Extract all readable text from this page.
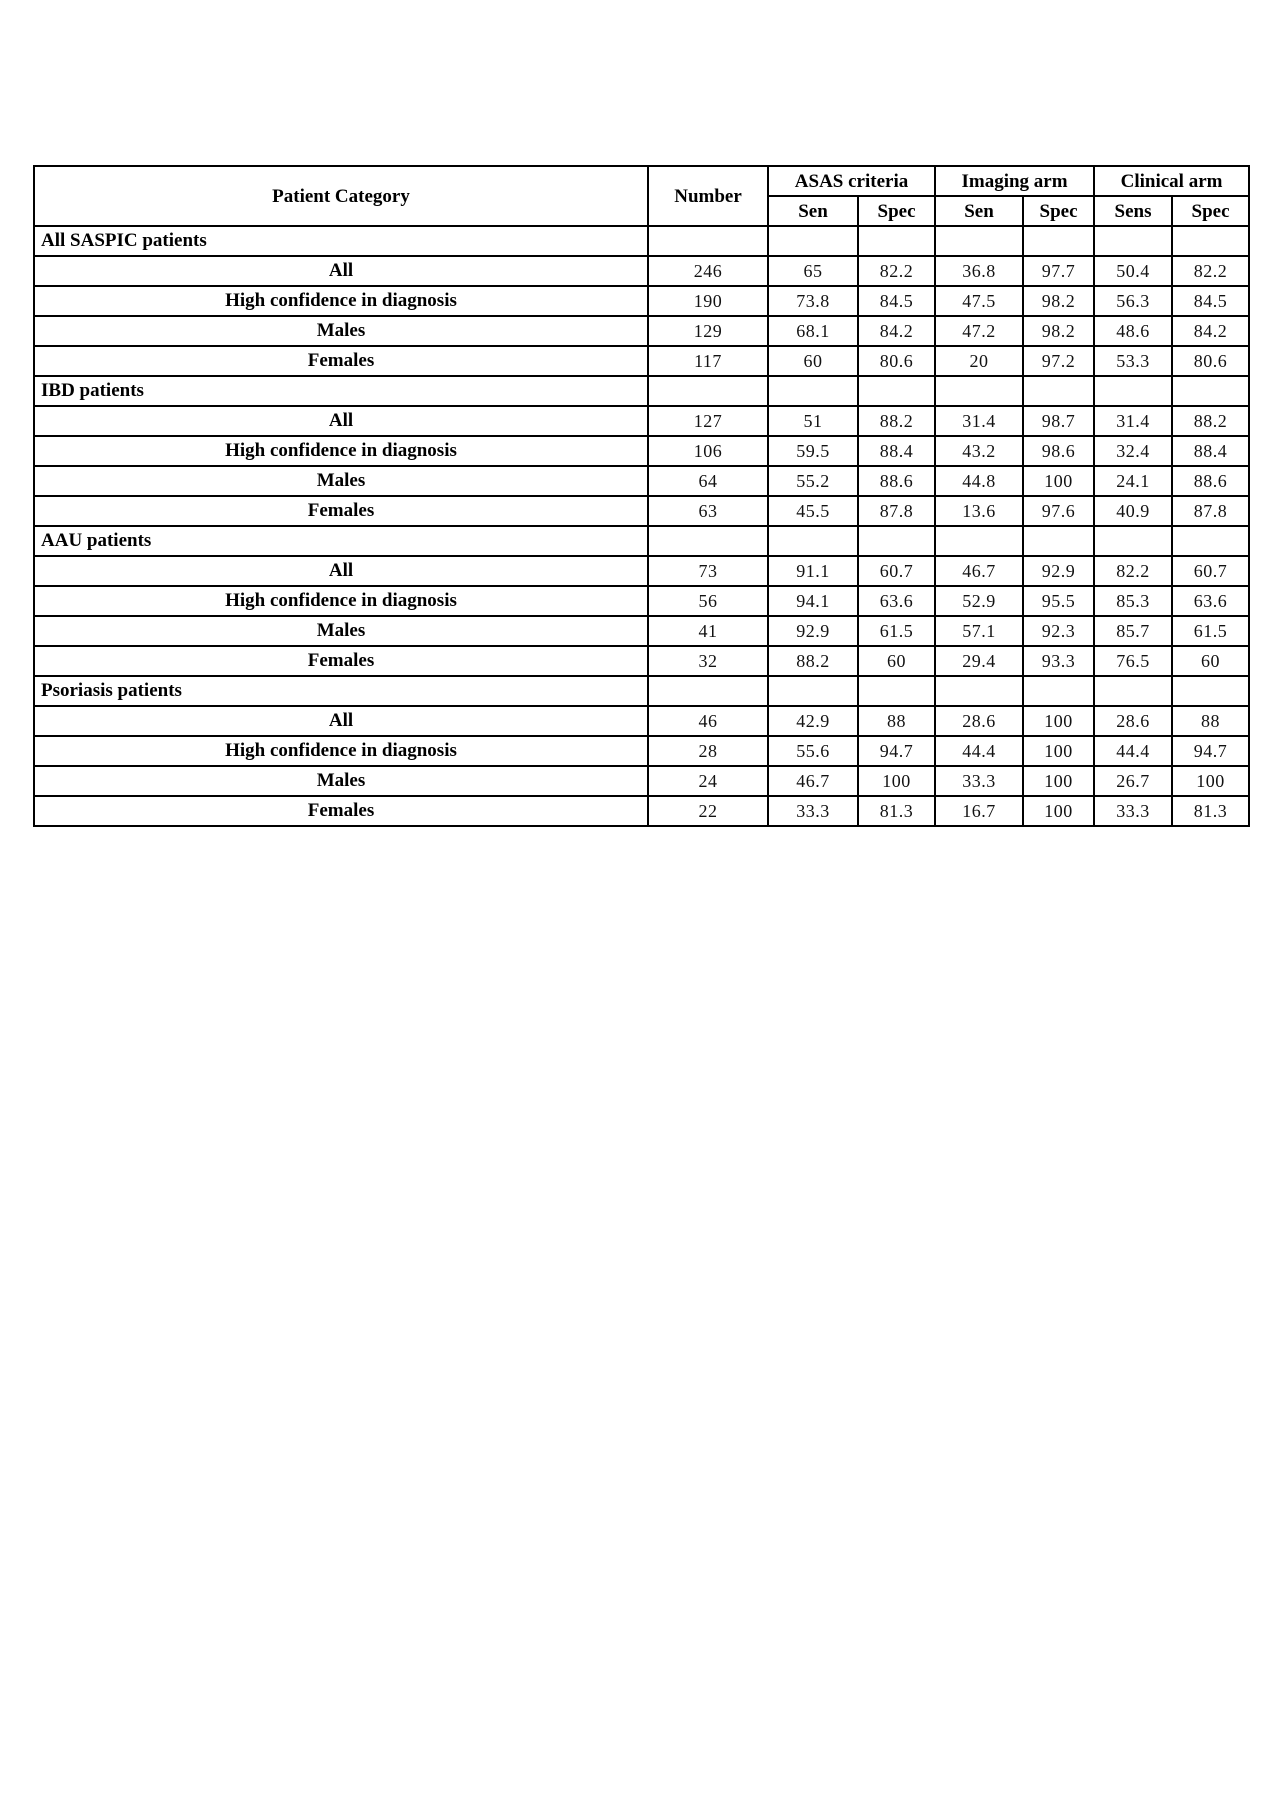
Patient Category	Number	ASAS criteria		Imaging arm		Clinical arm	
		Sen	Spec	Sen	Spec	Sens	Spec
All SASPIC patients							
All	246	65	82.2	36.8	97.7	50.4	82.2
High confidence in diagnosis	190	73.8	84.5	47.5	98.2	56.3	84.5
Males	129	68.1	84.2	47.2	98.2	48.6	84.2
Females	117	60	80.6	20	97.2	53.3	80.6
IBD patients							
All	127	51	88.2	31.4	98.7	31.4	88.2
High confidence in diagnosis	106	59.5	88.4	43.2	98.6	32.4	88.4
Males	64	55.2	88.6	44.8	100	24.1	88.6
Females	63	45.5	87.8	13.6	97.6	40.9	87.8
AAU patients							
All	73	91.1	60.7	46.7	92.9	82.2	60.7
High confidence in diagnosis	56	94.1	63.6	52.9	95.5	85.3	63.6
Males	41	92.9	61.5	57.1	92.3	85.7	61.5
Females	32	88.2	60	29.4	93.3	76.5	60
Psoriasis patients							
All	46	42.9	88	28.6	100	28.6	88
High confidence in diagnosis	28	55.6	94.7	44.4	100	44.4	94.7
Males	24	46.7	100	33.3	100	26.7	100
Females	22	33.3	81.3	16.7	100	33.3	81.3
